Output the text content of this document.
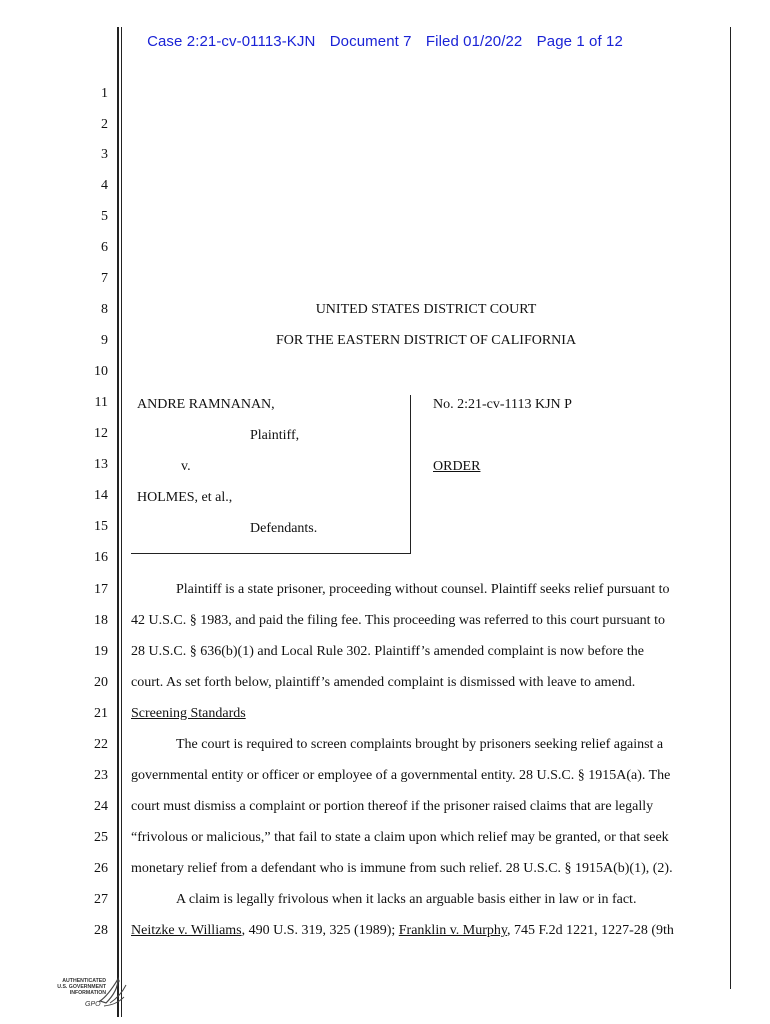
Case 2:21-cv-01113-KJN Document 7 Filed 01/20/22 Page 1 of 12
1
2
3
4
5
6
7
8
9
10
11
12
13
14
15
16
17
18
19
20
21
22
23
24
25
26
27
28
UNITED STATES DISTRICT COURT
FOR THE EASTERN DISTRICT OF CALIFORNIA
ANDRE RAMNANAN,
Plaintiff,
v.
HOLMES, et al.,
Defendants.
No. 2:21-cv-1113 KJN P
ORDER
Plaintiff is a state prisoner, proceeding without counsel. Plaintiff seeks relief pursuant to
42 U.S.C. § 1983, and paid the filing fee. This proceeding was referred to this court pursuant to
28 U.S.C. § 636(b)(1) and Local Rule 302. Plaintiff’s amended complaint is now before the
court. As set forth below, plaintiff’s amended complaint is dismissed with leave to amend.
Screening Standards
The court is required to screen complaints brought by prisoners seeking relief against a
governmental entity or officer or employee of a governmental entity. 28 U.S.C. § 1915A(a). The
court must dismiss a complaint or portion thereof if the prisoner raised claims that are legally
“frivolous or malicious,” that fail to state a claim upon which relief may be granted, or that seek
monetary relief from a defendant who is immune from such relief. 28 U.S.C. § 1915A(b)(1), (2).
A claim is legally frivolous when it lacks an arguable basis either in law or in fact.
Neitzke v. Williams, 490 U.S. 319, 325 (1989); Franklin v. Murphy, 745 F.2d 1221, 1227-28 (9th
AUTHENTICATED
U.S. GOVERNMENT
INFORMATION
GPO
